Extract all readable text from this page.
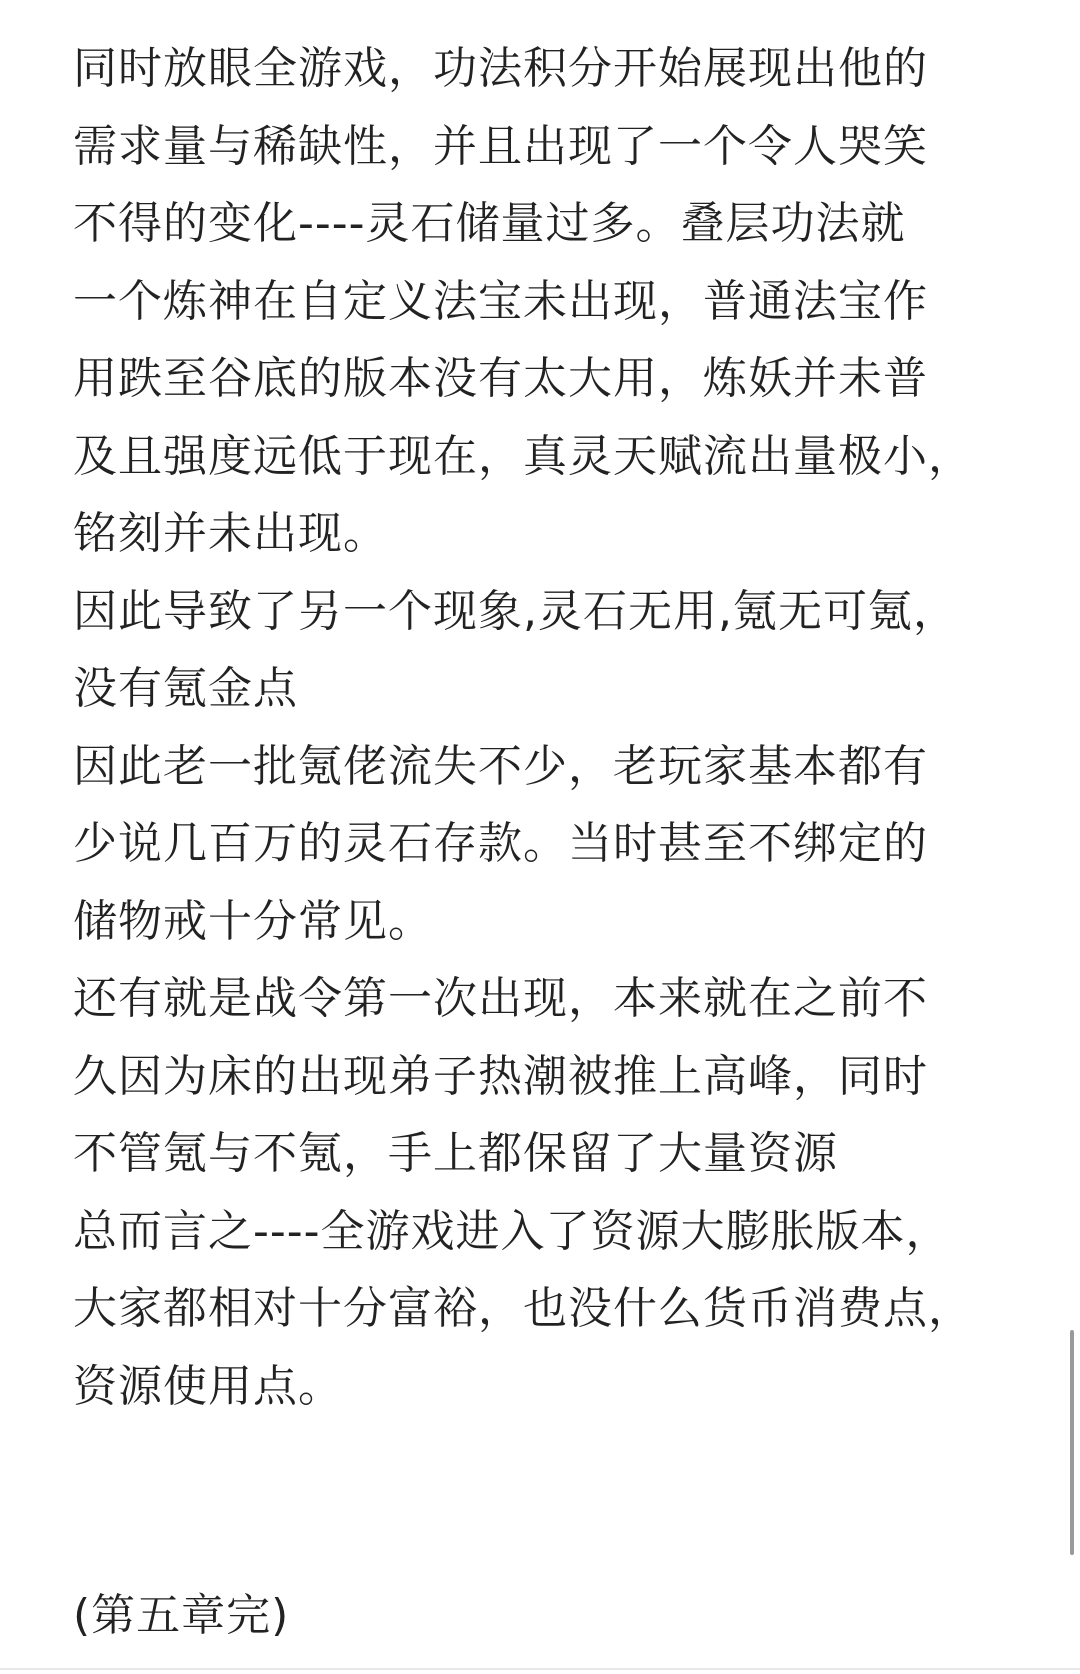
同时放眼全游戏，功法积分开始展现出他的
需求量与稀缺性，并且出现了一个令人哭笑
不得的变化----灵石储量过多。叠层功法就
一个炼神在自定义法宝未出现，普通法宝作
用跌至谷底的版本没有太大用，炼妖并未普
及且强度远低于现在，真灵天赋流出量极小，
铭刻并未出现。
因此导致了另一个现象,灵石无用,氪无可氪，
没有氪金点
因此老一批氪佬流失不少，老玩家基本都有
少说几百万的灵石存款。当时甚至不绑定的
储物戒十分常见。
还有就是战令第一次出现，本来就在之前不
久因为床的出现弟子热潮被推上高峰，同时
不管氪与不氪，手上都保留了大量资源
总而言之----全游戏进入了资源大膨胀版本，
大家都相对十分富裕，也没什么货币消费点，
资源使用点。
(第五章完)
